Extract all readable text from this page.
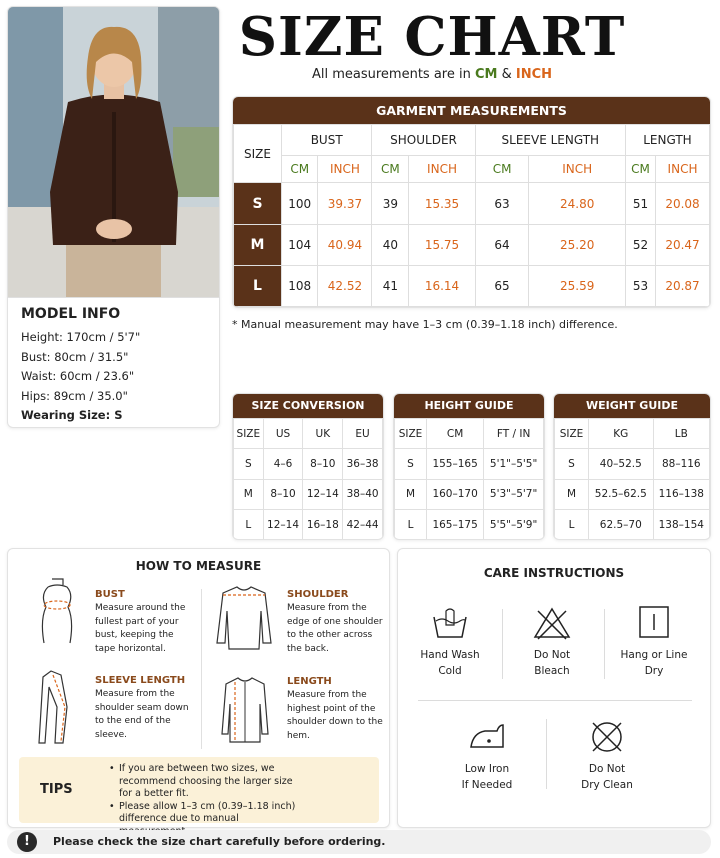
MODEL INFO
Height: 170cm / 5'7"
Bust: 80cm / 31.5"
Waist: 60cm / 23.6"
Hips: 89cm / 35.0"
Wearing Size: S
SIZE CHART
All measurements are in CM & INCH
GARMENT MEASUREMENTS
SIZE	BUST		SHOULDER		SLEEVE LENGTH		LENGTH	
	CM	INCH	CM	INCH	CM	INCH	CM	INCH
S	100	39.37	39	15.35	63	24.80	51	20.08
M	104	40.94	40	15.75	64	25.20	52	20.47
L	108	42.52	41	16.14	65	25.59	53	20.87
* Manual measurement may have 1–3 cm (0.39–1.18 inch) difference.
SIZE CONVERSION
SIZE	US	UK	EU
S	4–6	8–10	36–38
M	8–10	12–14	38–40
L	12–14	16–18	42–44
HEIGHT GUIDE
SIZE	CM	FT / IN
S	155–165	5'1"–5'5"
M	160–170	5'3"–5'7"
L	165–175	5'5"–5'9"
WEIGHT GUIDE
SIZE	KG	LB
S	40–52.5	88–116
M	52.5–62.5	116–138
L	62.5–70	138–154
HOW TO MEASURE
BUST
Measure around the fullest part of your bust, keeping the tape horizontal.
SHOULDER
Measure from the edge of one shoulder to the other across the back.
SLEEVE LENGTH
Measure from the shoulder seam down to the end of the sleeve.
LENGTH
Measure from the highest point of the shoulder down to the hem.
TIPS
• If you are between two sizes, we recommend choosing the larger size for a better fit.
• Please allow 1–3 cm (0.39–1.18 inch) difference due to manual
CARE INSTRUCTIONS
Hand Wash
Cold
Do Not
Bleach
Hang or Line
Dry
Low Iron
If Needed
Do Not
Dry Clean
!	Please check the size chart carefully before ordering.
